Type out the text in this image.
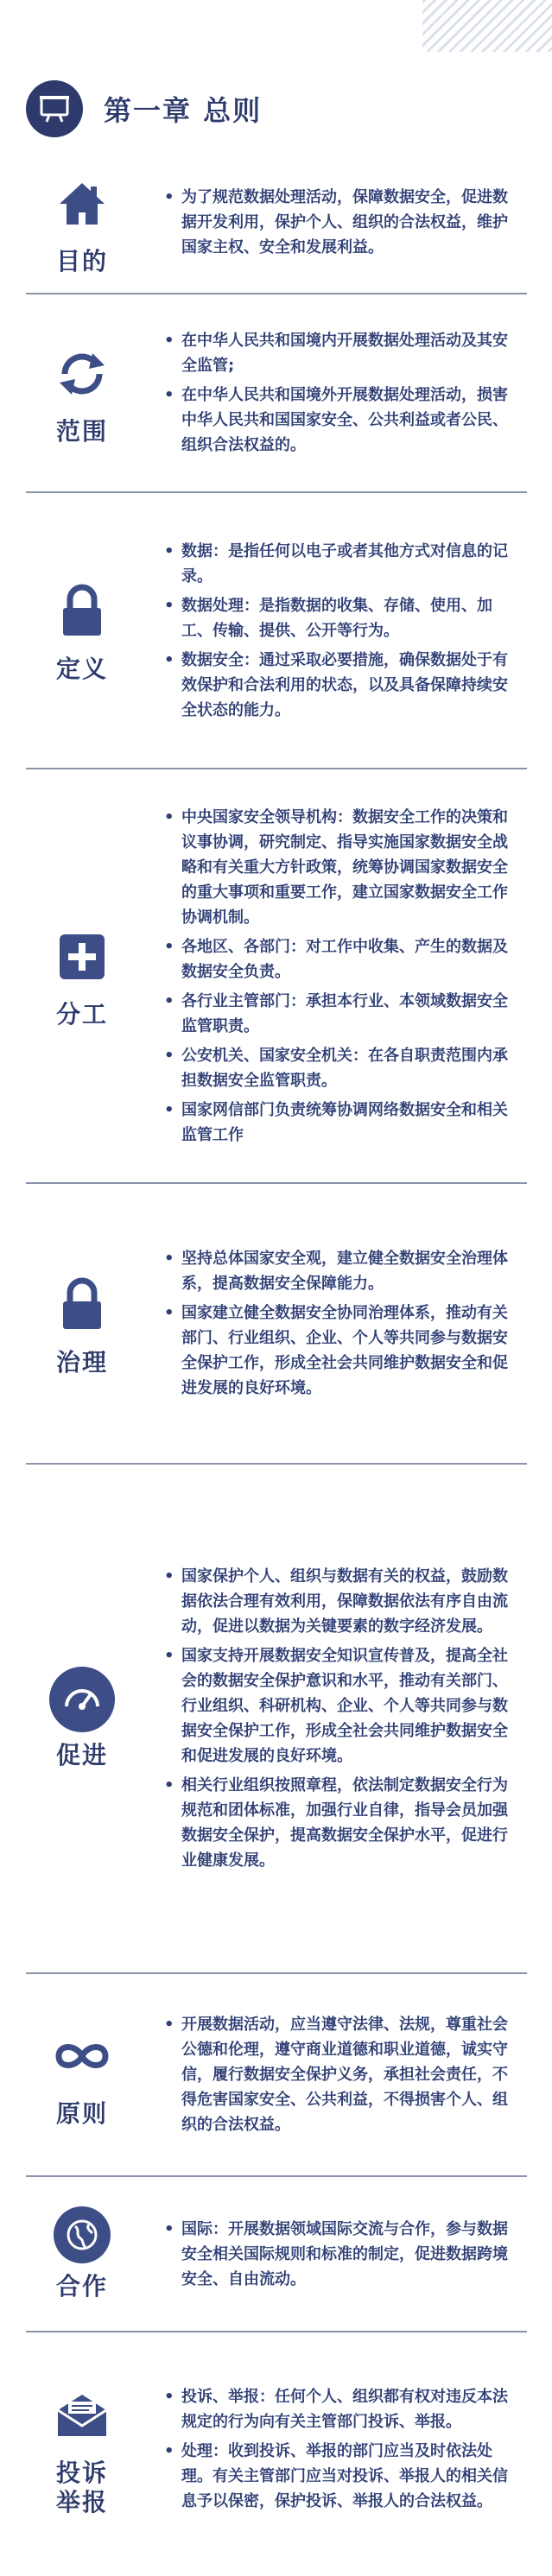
第一章 总则
目的
• 为了规范数据处理活动，保障数据安全，促进数据开发利用，保护个人、组织的合法权益，维护国家主权、安全和发展利益。
范围
• 在中华人民共和国境内开展数据处理活动及其安全监管;
• 在中华人民共和国境外开展数据处理活动，损害中华人民共和国国家安全、公共利益或者公民、组织合法权益的。
定义
• 数据：是指任何以电子或者其他方式对信息的记录。
• 数据处理：是指数据的收集、存储、使用、加工、传输、提供、公开等行为。
• 数据安全：通过采取必要措施，确保数据处于有效保护和合法利用的状态，以及具备保障持续安全状态的能力。
分工
• 中央国家安全领导机构：数据安全工作的决策和议事协调，研究制定、指导实施国家数据安全战略和有关重大方针政策，统筹协调国家数据安全的重大事项和重要工作，建立国家数据安全工作协调机制。
• 各地区、各部门：对工作中收集、产生的数据及数据安全负责。
• 各行业主管部门：承担本行业、本领域数据安全监管职责。
• 公安机关、国家安全机关：在各自职责范围内承担数据安全监管职责。
• 国家网信部门负责统筹协调网络数据安全和相关监管工作
治理
• 坚持总体国家安全观，建立健全数据安全治理体系，提高数据安全保障能力。
• 国家建立健全数据安全协同治理体系，推动有关部门、行业组织、企业、个人等共同参与数据安全保护工作，形成全社会共同维护数据安全和促进发展的良好环境。
促进
• 国家保护个人、组织与数据有关的权益，鼓励数据依法合理有效利用，保障数据依法有序自由流动，促进以数据为关键要素的数字经济发展。
• 国家支持开展数据安全知识宣传普及，提高全社会的数据安全保护意识和水平，推动有关部门、行业组织、科研机构、企业、个人等共同参与数据安全保护工作，形成全社会共同维护数据安全和促进发展的良好环境。
• 相关行业组织按照章程，依法制定数据安全行为规范和团体标准，加强行业自律，指导会员加强数据安全保护，提高数据安全保护水平，促进行业健康发展。
原则
• 开展数据活动，应当遵守法律、法规，尊重社会公德和伦理，遵守商业道德和职业道德，诚实守信，履行数据安全保护义务，承担社会责任，不得危害国家安全、公共利益，不得损害个人、组织的合法权益。
合作
• 国际：开展数据领域国际交流与合作，参与数据安全相关国际规则和标准的制定，促进数据跨境安全、自由流动。
投诉
举报
• 投诉、举报：任何个人、组织都有权对违反本法规定的行为向有关主管部门投诉、举报。
• 处理：收到投诉、举报的部门应当及时依法处理。有关主管部门应当对投诉、举报人的相关信息予以保密，保护投诉、举报人的合法权益。
